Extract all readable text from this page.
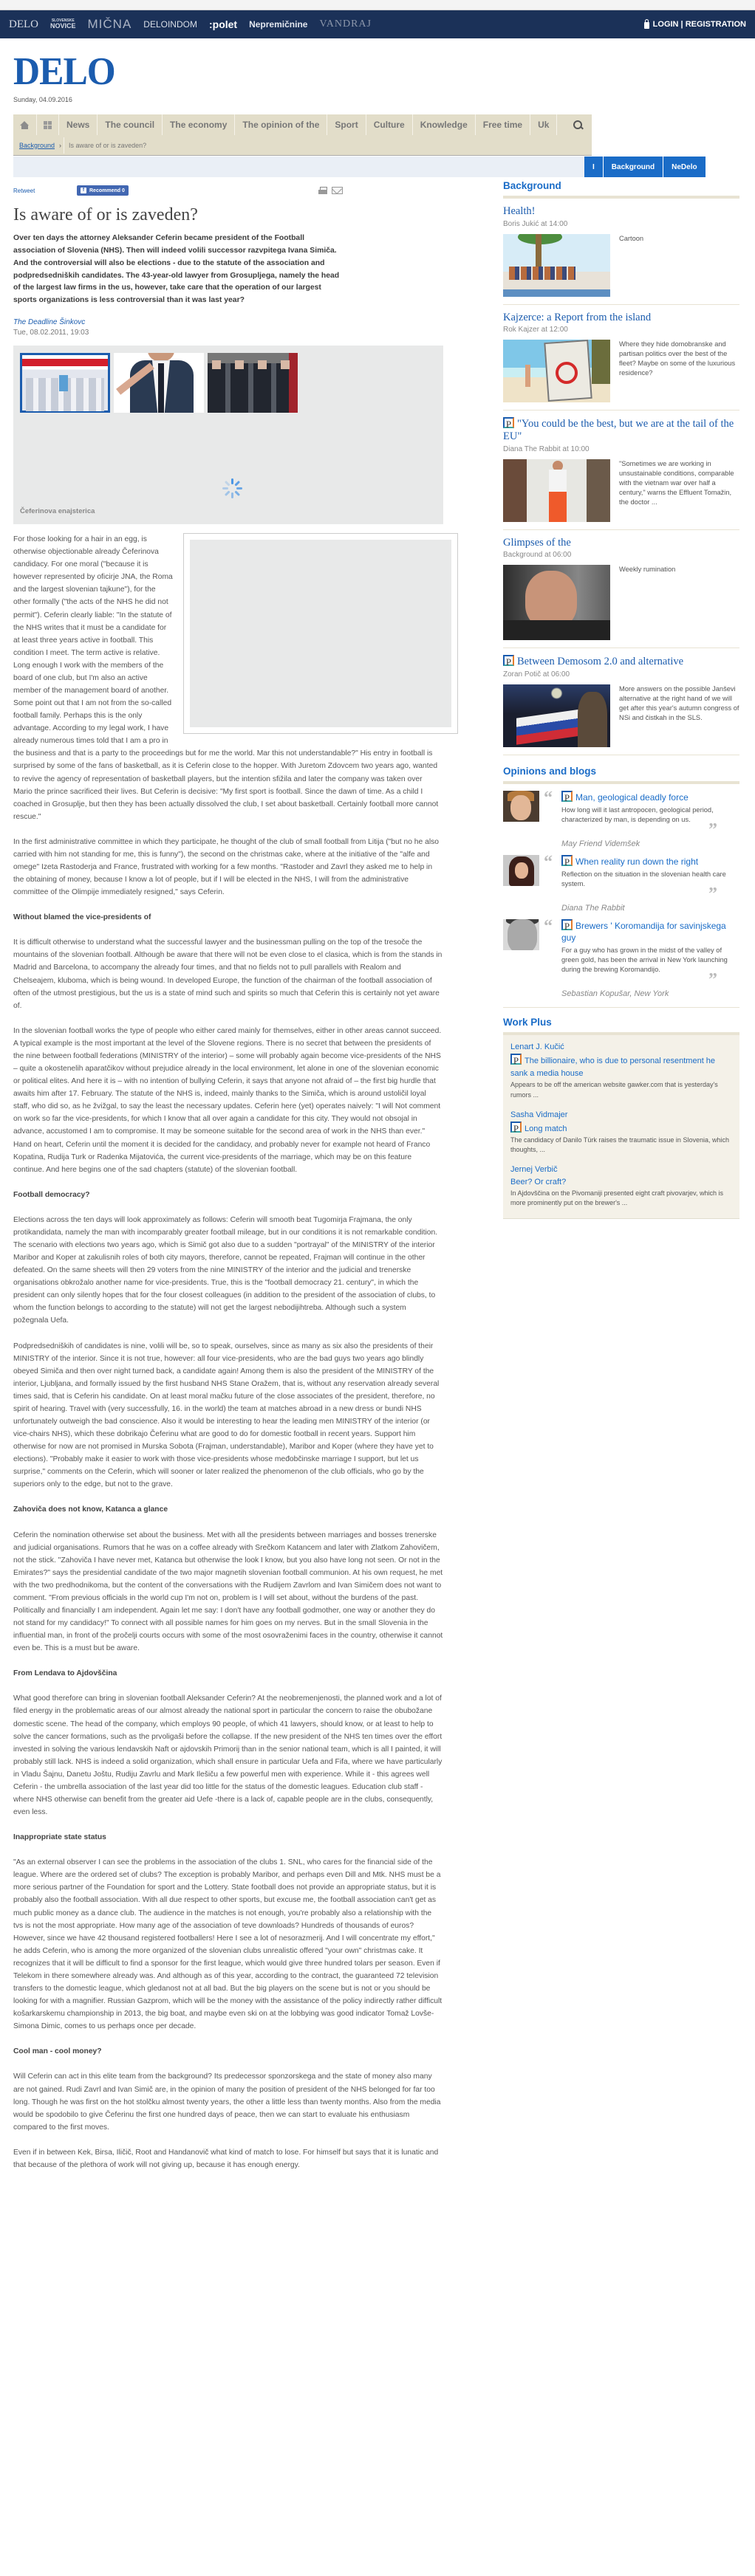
DELO	SLOVENSKE
NOVICE MIČNA DELOINDOM :polet Nepremičnine VANDRAJ	LOGIN | REGISTRATION
DELO
Sunday, 04.09.2016
News	The council	The economy	The opinion of the	Sport	Culture	Knowledge	Free time	Uk
Background ›	Is aware of or is zaveden?
I	Background	NeDelo
Retweet	f Recommend 0
Is aware of or is zaveden?

Over ten days the attorney Aleksander Ceferin became president of the Football association of Slovenia (NHS). Then will indeed volili successor razvpitega Ivana Simiča. And the controversial will also be elections - due to the statute of the association and podpredsedniških candidates. The 43-year-old lawyer from Grosupljega, namely the head of the largest law firms in the us, however, take care that the operation of our largest sports organizations is less controversial than it was last year?

The Deadline Šinkovc
Tue, 08.02.2011, 19:03
Čeferinova enajsterica

For those looking for a hair in an egg, is otherwise objectionable already Čeferinova candidacy. For one moral ("because it is however represented by oficirje JNA, the Roma and the largest slovenian tajkune"), for the other formally ("the acts of the NHS he did not permit"). Ceferin clearly liable: "In the statute of the NHS writes that it must be a candidate for at least three years active in football. This condition I meet. The term active is relative. Long enough I work with the members of the board of one club, but I'm also an active member of the management board of another. Some point out that I am not from the so-called football family. Perhaps this is the only advantage. According to my legal work, I have already numerous times told that I am a pro in the business and that is a party to the proceedings but for me the world. Mar this not understandable?" His entry in football is surprised by some of the fans of basketball, as it is Ceferin close to the hopper. With Juretom Zdovcem two years ago, wanted to revive the agency of representation of basketball players, but the intention sfižila and later the company was taken over Mario the prince sacrificed their lives. But Ceferin is decisive: "My first sport is football. Since the dawn of time. As a child I coached in Grosuplje, but then they has been actually dissolved the club, I set about basketball. Certainly football more cannot rescue."

In the first administrative committee in which they participate, he thought of the club of small football from Litija ("but no he also carried with him not standing for me, this is funny"), the second on the christmas cake, where at the initiative of the "alfe and omege" Izeta Rastoderja and France, frustrated with working for a few months. "Rastoder and Zavrl they asked me to help in the obtaining of money, because I know a lot of people, but if I will be elected in the NHS, I will from the administrative committee of the Olimpije immediately resigned," says Ceferin.

Without blamed the vice-presidents of

It is difficult otherwise to understand what the successful lawyer and the businessman pulling on the top of the tresoče the mountains of the slovenian football. Although be aware that there will not be even close to el clasica, which is from the stands in Madrid and Barcelona, to accompany the already four times, and that no fields not to pull parallels with Realom and Chelseajem, kluboma, which is being wound. In developed Europe, the function of the chairman of the football association of often of the utmost prestigious, but the us is a state of mind such and spirits so much that Ceferin this is certainly not yet aware of.

In the slovenian football works the type of people who either cared mainly for themselves, either in other areas cannot succeed. A typical example is the most important at the level of the Slovene regions. There is no secret that between the presidents of the nine between football federations (MINISTRY of the interior) – some will probably again become vice-presidents of the NHS – quite a okostenelih aparatčikov without prejudice already in the local environment, let alone in one of the slovenian economic or political elites. And here it is – with no intention of bullying Ceferin, it says that anyone not afraid of – the first big hurdle that awaits him after 17. February. The statute of the NHS is, indeed, mainly thanks to the Simiča, which is around ustoličil loyal staff, who did so, as he žvižgal, to say the least the necessary updates. Ceferin here (yet) operates naively: "I will Not comment on work so far the vice-presidents, for which I know that all over again a candidate for this city. They would not obsojal in advance, accustomed I am to compromise. It may be someone suitable for the second area of work in the NHS than ever." Hand on heart, Ceferin until the moment it is decided for the candidacy, and probably never for example not heard of Franco Kopatina, Rudija Turk or Radenka Mijatovića, the current vice-presidents of the marriage, which may be on this feature continue. And here begins one of the sad chapters (statute) of the slovenian football.

Football democracy?

Elections across the ten days will look approximately as follows: Ceferin will smooth beat Tugomirja Frajmana, the only protikandidata, namely the man with incomparably greater football mileage, but in our conditions it is not remarkable condition. The scenario with elections two years ago, which is Simič got also due to a sudden "portrayal" of the MINISTRY of the interior Maribor and Koper at zakulisnih roles of both city mayors, therefore, cannot be repeated, Frajman will continue in the other defeated. On the same sheets will then 29 voters from the nine MINISTRY of the interior and the judicial and trenerske organisations obkrožalo another name for vice-presidents. True, this is the "football democracy 21. century", in which the president can only silently hopes that for the four closest colleagues (in addition to the president of the association of clubs, to whom the function belongs to according to the statute) will not get the largest nebodijihtreba. Although such a system požegnala Uefa.

Podpredsedniških of candidates is nine, volili will be, so to speak, ourselves, since as many as six also the presidents of their MINISTRY of the interior. Since it is not true, however: all four vice-presidents, who are the bad guys two years ago blindly obeyed Simiča and then over night turned back, a candidate again! Among them is also the president of the MINISTRY of the interior, Ljubljana, and formally issued by the first husband NHS Stane Oražem, that is, without any reservation already several times said, that is Ceferin his candidate. On at least moral mačku future of the close associates of the president, therefore, no spirit of hearing. Travel with (very successfully, 16. in the world) the team at matches abroad in a new dress or bundi NHS unfortunately outweigh the bad conscience. Also it would be interesting to hear the leading men MINISTRY of the interior (or vice-chairs NHS), which these dobrikajo Čeferinu what are good to do for domestic football in recent years. Support him otherwise for now are not promised in Murska Sobota (Frajman, understandable), Maribor and Koper (where they have yet to elections). "Probably make it easier to work with those vice-presidents whose međobčinske marriage I support, but let us surprise," comments on the Ceferin, which will sooner or later realized the phenomenon of the club officials, who go by the superiors only to the edge, but not to the grave.

Zahoviča does not know, Katanca a glance

Ceferin the nomination otherwise set about the business. Met with all the presidents between marriages and bosses trenerske and judicial organisations. Rumors that he was on a coffee already with Srečkom Katancem and later with Zlatkom Zahovičem, not the stick. "Zahoviča I have never met, Katanca but otherwise the look I know, but you also have long not seen. Or not in the Emirates?" says the presidential candidate of the two major magnetih slovenian football communion. At his own request, he met with the two predhodnikoma, but the content of the conversations with the Rudijem Zavrlom and Ivan Simičem does not want to comment. "From previous officials in the world cup I'm not on, problem is I will set about, without the burdens of the past. Politically and financially I am independent. Again let me say: I don't have any football godmother, one way or another they do not stand for my candidacy!" To connect with all possible names for him goes on my nerves. But in the small Slovenia in the influential man, in front of the pročelji courts occurs with some of the most osovraženimi faces in the country, otherwise it cannot even be. This is a must but be aware.

From Lendava to Ajdovščina

What good therefore can bring in slovenian football Aleksander Ceferin? At the neobremenjenosti, the planned work and a lot of filed energy in the problematic areas of our almost already the national sport in particular the concern to raise the obubožane domestic scene. The head of the company, which employs 90 people, of which 41 lawyers, should know, or at least to help to solve the cancer formations, such as the prvoligaši before the collapse. If the new president of the NHS ten times over the effort invested in solving the various lendavskih Naft or ajdovskih Primorij than in the senior national team, which is all I painted, it will probably still lack. NHS is indeed a solid organization, which shall ensure in particular Uefa and Fifa, where we have particularly in Vladu Šajnu, Danetu Joštu, Rudiju Zavrlu and Mark Ilešiču a few powerful men with experience. While it - this agrees well Ceferin - the umbrella association of the last year did too little for the status of the domestic leagues. Education club staff - where NHS otherwise can benefit from the greater aid Uefe -there is a lack of, capable people are in the clubs, consequently, even less.

Inappropriate state status

"As an external observer I can see the problems in the association of the clubs 1. SNL, who cares for the financial side of the league. Where are the ordered set of clubs? The exception is probably Maribor, and perhaps even Dill and Mtk. NHS must be a more serious partner of the Foundation for sport and the Lottery. State football does not provide an appropriate status, but it is probably also the football association. With all due respect to other sports, but excuse me, the football association can't get as much public money as a dance club. The audience in the matches is not enough, you're probably also a relationship with the tvs is not the most appropriate. How many age of the association of teve downloads? Hundreds of thousands of euros? However, since we have 42 thousand registered footballers! Here I see a lot of nesorazmerij. And I will concentrate my effort," he adds Ceferin, who is among the more organized of the slovenian clubs unrealistic offered "your own" christmas cake. It recognizes that it will be difficult to find a sponsor for the first league, which would give three hundred tolars per season. Even if Telekom in there somewhere already was. And although as of this year, according to the contract, the guaranteed 72 television transfers to the domestic league, which gledanost not at all bad. But the big players on the scene but is not or you should be looking for with a magnifier. Russian Gazprom, which will be the money with the assistance of the policy indirectly rather difficult košarkarskemu championship in 2013, the big boat, and maybe even ski on at the lobbying was good indicator Tomaž Lovše-Simona Dimic, comes to us perhaps once per decade.

Cool man - cool money?

Will Ceferin can act in this elite team from the background? Its predecessor sponzorskega and the state of money also many are not gained. Rudi Zavrl and Ivan Simič are, in the opinion of many the position of president of the NHS belonged for far too long. Though he was first on the hot stolčku almost twenty years, the other a little less than twenty months. Also from the media would be spodobilo to give Čeferinu the first one hundred days of peace, then we can start to evaluate his enthusiasm compared to the first moves.

Even if in between Kek, Birsa, Iličič, Root and Handanovič what kind of match to lose. For himself but says that it is lunatic and that because of the plethora of work will not giving up, because it has enough energy.

Background
Health!
Boris Jukić at 14:00
Cartoon
Kajzerce: a Report from the island
Rok Kajzer at 12:00
Where they hide domobranske and partisan politics over the best of the fleet? Maybe on some of the luxurious residence?
P "You could be the best, but we are at the tail of the EU"
Diana The Rabbit at 10:00
"Sometimes we are working in unsustainable conditions, comparable with the vietnam war over half a century," warns the Effluent Tomažin, the doctor ...
Glimpses of the
Background at 06:00
Weekly rumination
P Between Demosom 2.0 and alternative
Zoran Potič at 06:00
More answers on the possible Janševi alternative at the right hand of we will get after this year's autumn congress of NSi and čistkah in the SLS.
Opinions and blogs
“	P Man, geological deadly force
How long will it last antropocen, geological period, characterized by man, is depending on us.
”
May Friend Videmšek
“	P When reality run down the right
Reflection on the situation in the slovenian health care system.
”
Diana The Rabbit
“	P Brewers ' Koromandija for savinjskega guy
For a guy who has grown in the midst of the valley of green gold, has been the arrival in New York launching during the brewing Koromandijo.
”
Sebastian Kopušar, New York
Work Plus
Lenart J. Kučić
P The billionaire, who is due to personal resentment he sank a media house
Appears to be off the american website gawker.com that is yesterday's rumors ...
Sasha Vidmajer
P Long match
The candidacy of Danilo Türk raises the traumatic issue in Slovenia, which thoughts, ...
Jernej Verbič
Beer? Or craft?
In Ajdovščina on the Pivomaniji presented eight craft pivovarjev, which is more prominently put on the brewer's ...
